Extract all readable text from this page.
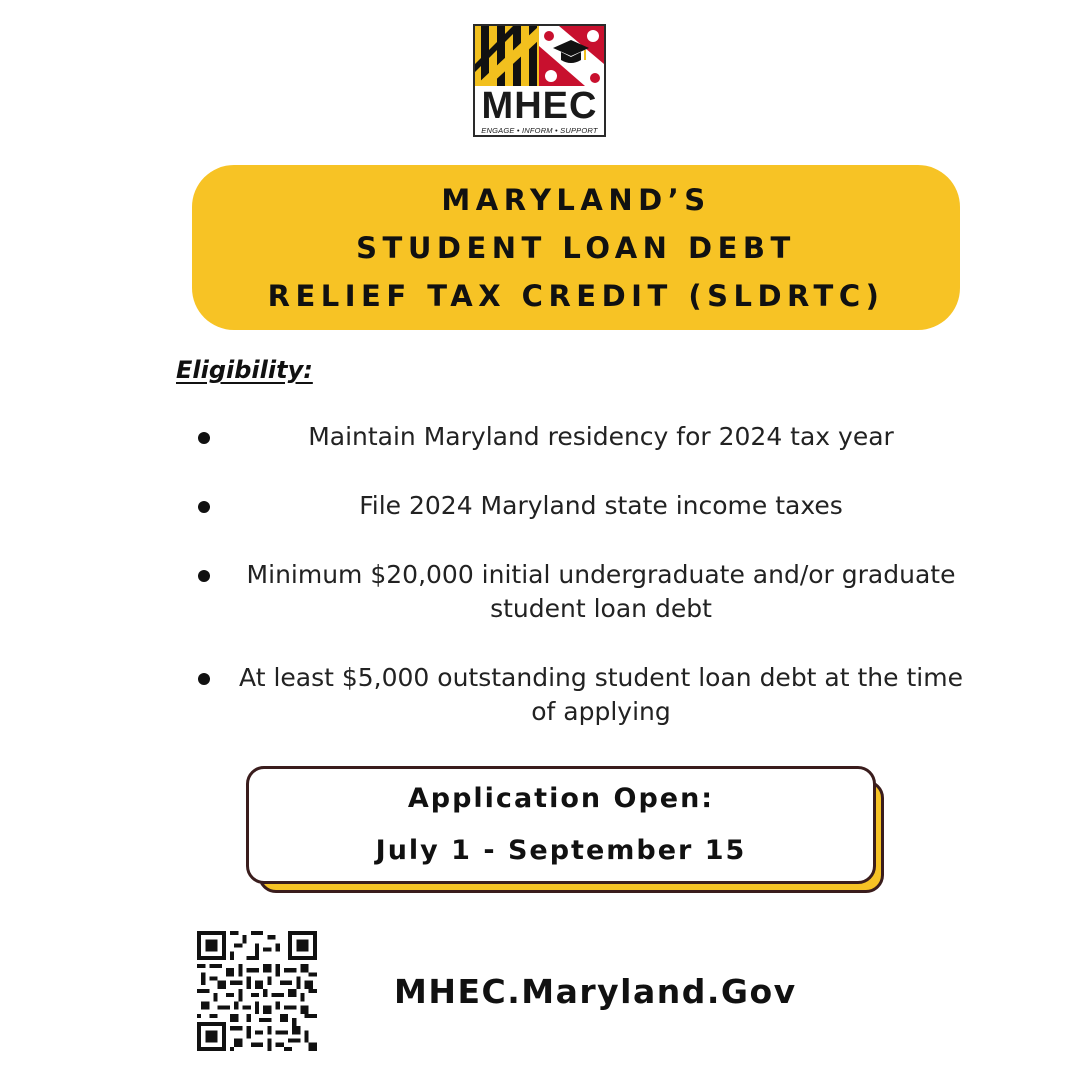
MHEC
ENGAGE • INFORM • SUPPORT
MARYLAND’S
STUDENT LOAN DEBT
RELIEF TAX CREDIT (SLDRTC)
Eligibility:
Maintain Maryland residency for 2024 tax year
File 2024 Maryland state income taxes
Minimum $20,000 initial undergraduate and/or graduate student loan debt
At least $5,000 outstanding student loan debt at the time of applying
Application Open:
July 1 - September 15
MHEC.Maryland.Gov
